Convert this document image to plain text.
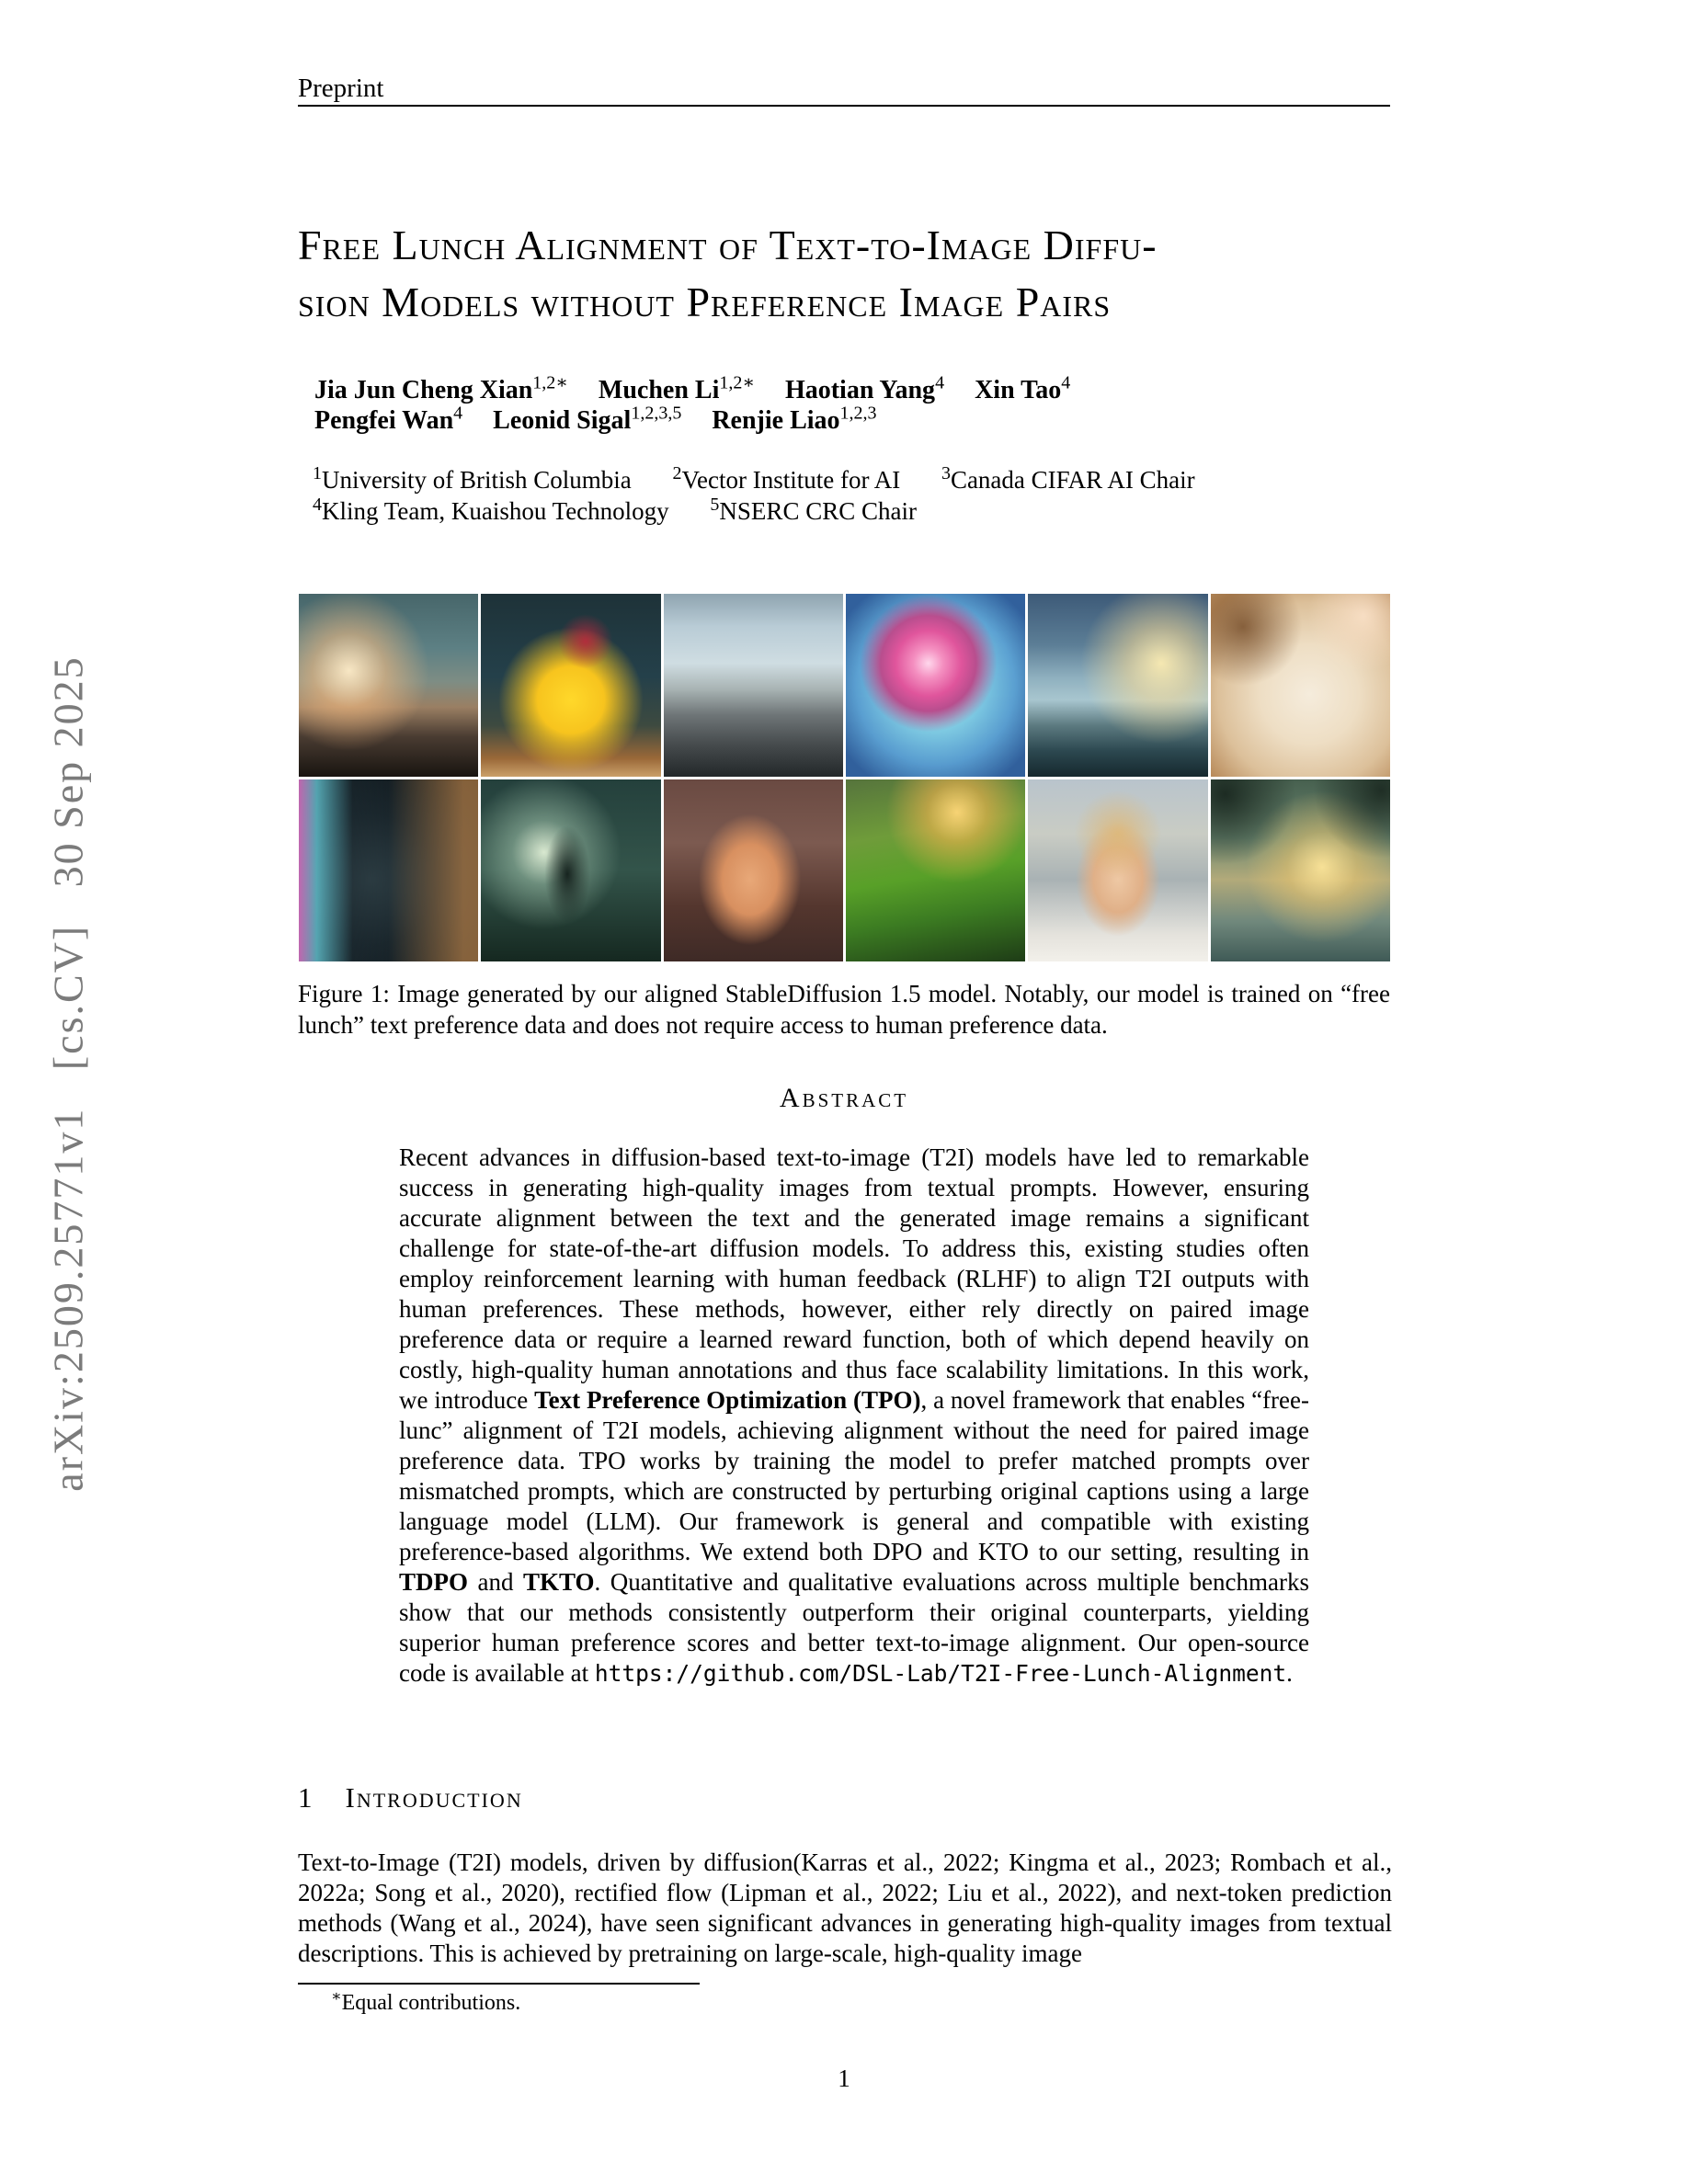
arXiv:2509.25771v1   [cs.CV]   30 Sep 2025
Preprint
Free Lunch Alignment of Text-to-Image Diffu-
sion Models without Preference Image Pairs
Jia Jun Cheng Xian$^{1,2∗}$ Muchen $Li^{1,2∗}$ Haotian Yang$^4$ Xin Tao$^4$
Pengfei Wan$^4$ Leonid Sigal$^{1,2,3,5}$ Renjie Liao$^{1,2,3}$
$^1$University of British Columbia $^2$Vector Institute for AI $^3$Canada CIFAR AI Chair
$^4$Kling Team, Kuaishou Technology $^5$NSERC CRC Chair
Figure 1: Image generated by our aligned StableDiffusion 1.5 model. Notably, our model is trained on “free lunch” text preference data and does not require access to human preference data.
Abstract
Recent advances in diffusion-based text-to-image (T2I) models have led to remarkable success in generating high-quality images from textual prompts. However, ensuring accurate alignment between the text and the generated image remains a significant challenge for state-of-the-art diffusion models. To address this, existing studies often employ reinforcement learning with human feedback (RLHF) to align T2I outputs with human preferences. These methods, however, either rely directly on paired image preference data or require a learned reward function, both of which depend heavily on costly, high-quality human annotations and thus face scalability limitations. In this work, we introduce Text Preference Optimization (TPO), a novel framework that enables “free-lunc” alignment of T2I models, achieving alignment without the need for paired image preference data. TPO works by training the model to prefer matched prompts over mismatched prompts, which are constructed by perturbing original captions using a large language model (LLM). Our framework is general and compatible with existing preference-based algorithms. We extend both DPO and KTO to our setting, resulting in TDPO and TKTO. Quantitative and qualitative evaluations across multiple benchmarks show that our methods consistently outperform their original counterparts, yielding superior human preference scores and better text-to-image alignment. Our open-source code is available at https://github.com/DSL-Lab/T2I-Free-Lunch-Alignment.
1 Introduction
Text-to-Image (T2I) models, driven by diffusion(Karras et al., 2022; Kingma et al., 2023; Rombach et al., 2022a; Song et al., 2020), rectified flow (Lipman et al., 2022; Liu et al., 2022), and next-token prediction methods (Wang et al., 2024), have seen significant advances in generating high-quality images from textual descriptions. This is achieved by pretraining on large-scale, high-quality image
∗Equal contributions.
1
